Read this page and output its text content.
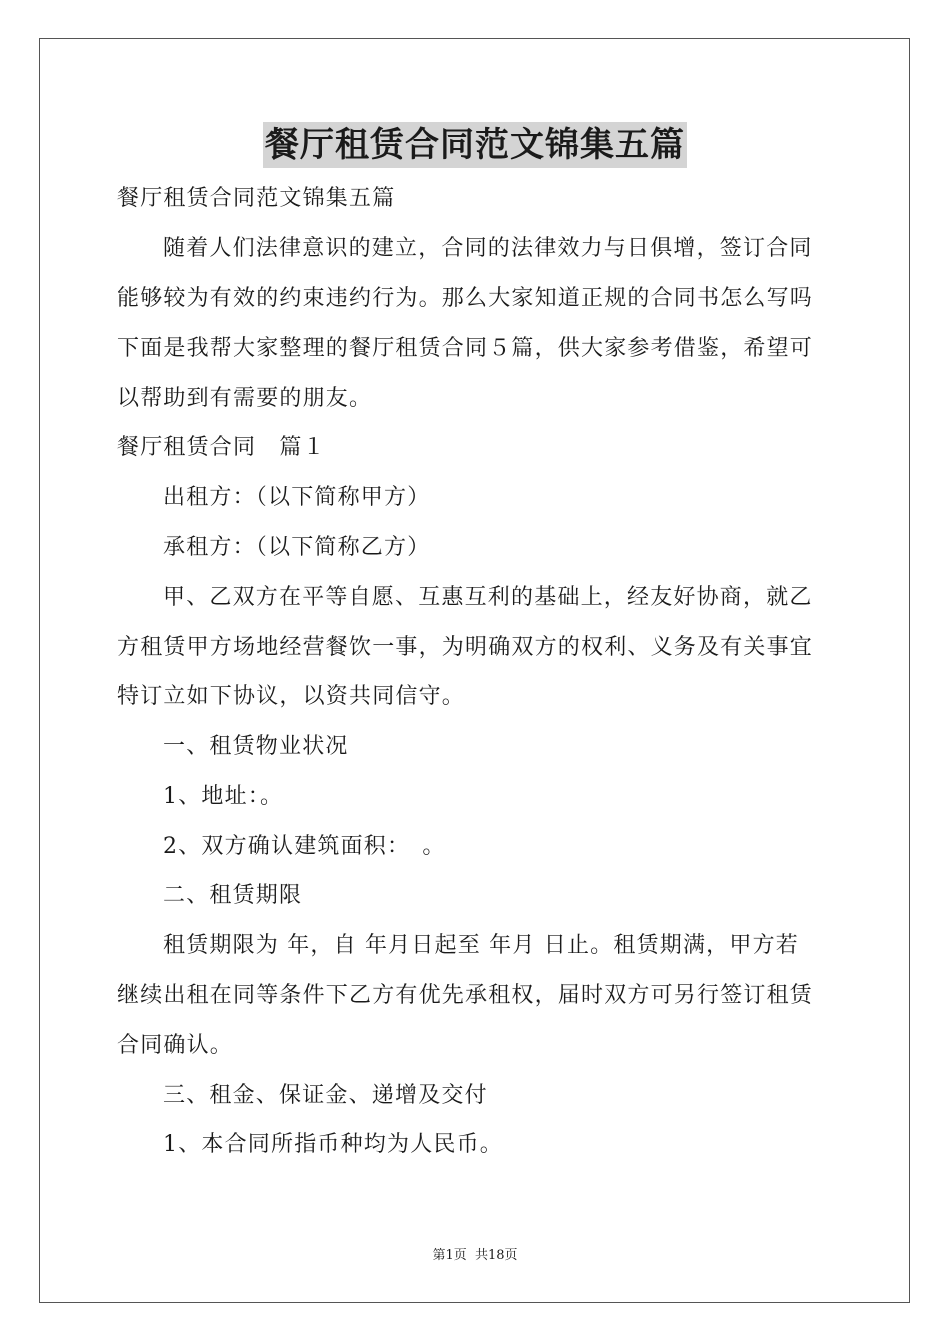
餐厅租赁合同范文锦集五篇
餐厅租赁合同范文锦集五篇
随着人们法律意识的建立，合同的法律效力与日俱增，签订合同
能够较为有效的约束违约行为。那么大家知道正规的合同书怎么写吗
下面是我帮大家整理的餐厅租赁合同５篇，供大家参考借鉴，希望可
以帮助到有需要的朋友。
餐厅租赁合同　篇１
出租方：（以下简称甲方）
承租方：（以下简称乙方）
甲、乙双方在平等自愿、互惠互利的基础上，经友好协商，就乙
方租赁甲方场地经营餐饮一事，为明确双方的权利、义务及有关事宜
特订立如下协议，以资共同信守。
一、租赁物业状况
1、地址：。
2、双方确认建筑面积：　。
二、租赁期限
租赁期限为 年，自 年月日起至 年月 日止。租赁期满，甲方若
继续出租在同等条件下乙方有优先承租权，届时双方可另行签订租赁
合同确认。
三、租金、保证金、递增及交付
1、本合同所指币种均为人民币。
第1页 共18页
